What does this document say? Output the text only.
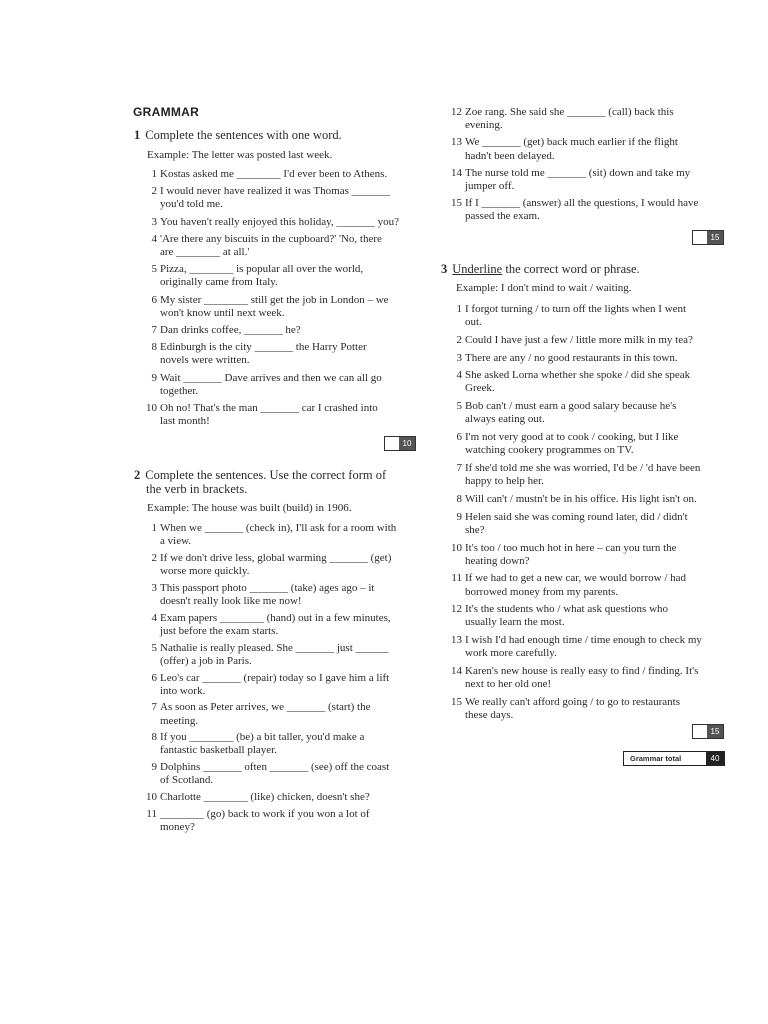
GRAMMAR
1 Complete the sentences with one word.
Example: The letter was posted last week.
1 Kostas asked me ________ I'd ever been to Athens.
2 I would never have realized it was Thomas _______
you'd told me.
3 You haven't really enjoyed this holiday, _______ you?
4 'Are there any biscuits in the cupboard?' 'No, there
are ________ at all.'
5 Pizza, ________ is popular all over the world,
originally came from Italy.
6 My sister ________ still get the job in London – we
won't know until next week.
7 Dan drinks coffee, _______ he?
8 Edinburgh is the city _______ the Harry Potter
novels were written.
9 Wait _______ Dave arrives and then we can all go
together.
10 Oh no! That's the man _______ car I crashed into
last month!
10
2 Complete the sentences. Use the correct form of
the verb in brackets.
Example: The house was built (build) in 1906.
1 When we _______ (check in), I'll ask for a room with
a view.
2 If we don't drive less, global warming _______ (get)
worse more quickly.
3 This passport photo _______ (take) ages ago – it
doesn't really look like me now!
4 Exam papers ________ (hand) out in a few minutes,
just before the exam starts.
5 Nathalie is really pleased. She _______ just ______
(offer) a job in Paris.
6 Leo's car _______ (repair) today so I gave him a lift
into work.
7 As soon as Peter arrives, we _______ (start) the
meeting.
8 If you ________ (be) a bit taller, you'd make a
fantastic basketball player.
9 Dolphins _______ often _______ (see) off the coast
of Scotland.
10 Charlotte ________ (like) chicken, doesn't she?
11 ________ (go) back to work if you won a lot of
money?
12 Zoe rang. She said she _______ (call) back this
evening.
13 We _______ (get) back much earlier if the flight
hadn't been delayed.
14 The nurse told me _______ (sit) down and take my
jumper off.
15 If I _______ (answer) all the questions, I would have
passed the exam.
15
3 Underline the correct word or phrase.
Example: I don't mind to wait / waiting.
1 I forgot turning / to turn off the lights when I went
out.
2 Could I have just a few / little more milk in my tea?
3 There are any / no good restaurants in this town.
4 She asked Lorna whether she spoke / did she speak
Greek.
5 Bob can't / must earn a good salary because he's
always eating out.
6 I'm not very good at to cook / cooking, but I like
watching cookery programmes on TV.
7 If she'd told me she was worried, I'd be / 'd have been
happy to help her.
8 Will can't / mustn't be in his office. His light isn't on.
9 Helen said she was coming round later, did / didn't
she?
10 It's too / too much hot in here – can you turn the
heating down?
11 If we had to get a new car, we would borrow / had
borrowed money from my parents.
12 It's the students who / what ask questions who
usually learn the most.
13 I wish I'd had enough time / time enough to check my
work more carefully.
14 Karen's new house is really easy to find / finding. It's
next to her old one!
15 We really can't afford going / to go to restaurants
these days.
15
Grammar total	40
